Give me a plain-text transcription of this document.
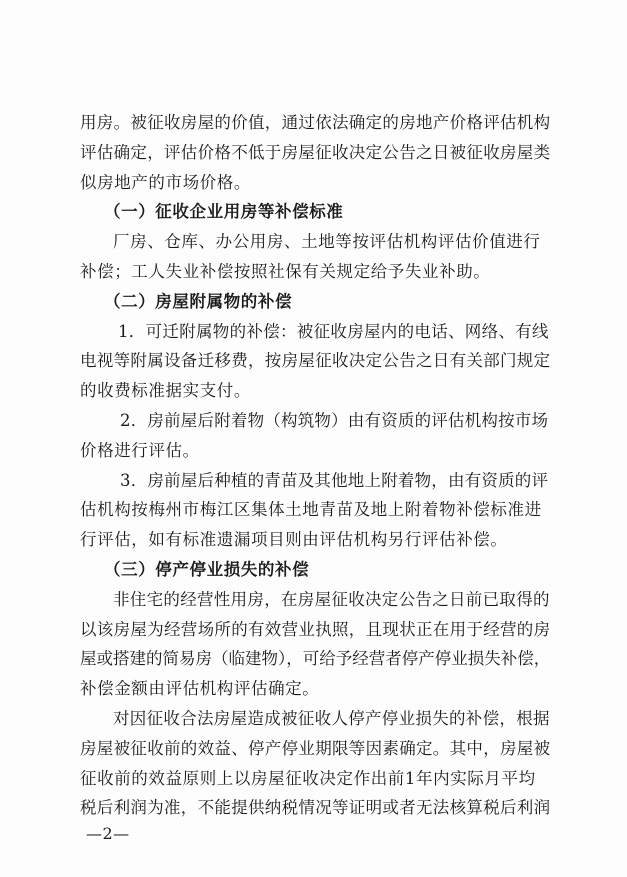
用房。被征收房屋的价值，通过依法确定的房地产价格评估机构
评估确定，评估价格不低于房屋征收决定公告之日被征收房屋类
似房地产的市场价格。
（一）征收企业用房等补偿标准
厂房、仓库、办公用房、土地等按评估机构评估价值进行
补偿；工人失业补偿按照社保有关规定给予失业补助。
（二）房屋附属物的补偿
1．可迁附属物的补偿：被征收房屋内的电话、网络、有线
电视等附属设备迁移费，按房屋征收决定公告之日有关部门规定
的收费标准据实支付。
2．房前屋后附着物（构筑物）由有资质的评估机构按市场
价格进行评估。
3．房前屋后种植的青苗及其他地上附着物，由有资质的评
估机构按梅州市梅江区集体土地青苗及地上附着物补偿标准进
行评估，如有标准遗漏项目则由评估机构另行评估补偿。
（三）停产停业损失的补偿
非住宅的经营性用房，在房屋征收决定公告之日前已取得的
以该房屋为经营场所的有效营业执照，且现状正在用于经营的房
屋或搭建的简易房（临建物），可给予经营者停产停业损失补偿，
补偿金额由评估机构评估确定。
对因征收合法房屋造成被征收人停产停业损失的补偿，根据
房屋被征收前的效益、停产停业期限等因素确定。其中，房屋被
征收前的效益原则上以房屋征收决定作出前1年内实际月平均
税后利润为准，不能提供纳税情况等证明或者无法核算税后利润
—2—
